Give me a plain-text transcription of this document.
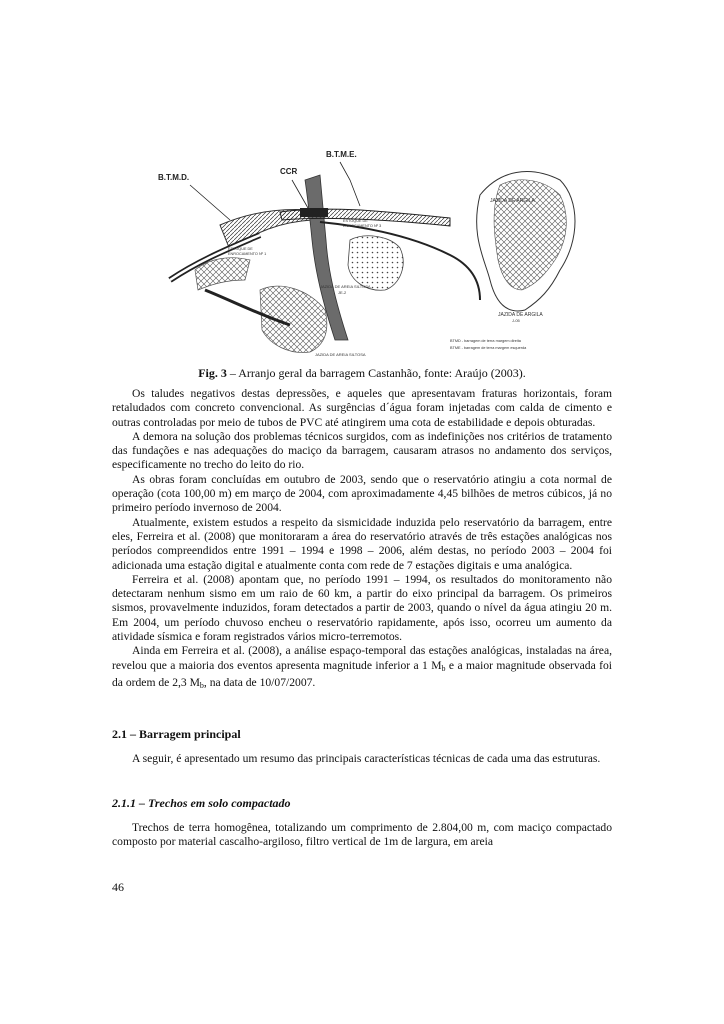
B.T.M.D.
CCR
B.T.M.E.
JAZIDA DE ARGILA
ESTOQUE DE
ENROCAMENTO Nº 3
ESTOQUE DE
ENROCAMENTO Nº 1
JAZIDA DE AREIA SILTOSA
JE-2
JAZIDA DE ARGILA
J-05
JAZIDA DE AREIA SILTOSA
BTMD - barragem de terra margem direita
BTME - barragem de terra margem esquerda
Fig. 3 – Arranjo geral da barragem Castanhão, fonte: Araújo (2003).

Os taludes negativos destas depressões, e aqueles que apresentavam fraturas horizontais, foram retaludados com concreto convencional. As surgências d´água foram injetadas com calda de cimento e outras controladas por meio de tubos de PVC até atingirem uma cota de estabilidade e depois obturadas.

A demora na solução dos problemas técnicos surgidos, com as indefinições nos critérios de tratamento das fundações e nas adequações do maciço da barragem, causaram atrasos no andamento dos serviços, especificamente no trecho do leito do rio.

As obras foram concluídas em outubro de 2003, sendo que o reservatório atingiu a cota normal de operação (cota 100,00 m) em março de 2004, com aproximadamente 4,45 bilhões de metros cúbicos, já no primeiro período invernoso de 2004.

Atualmente, existem estudos a respeito da sismicidade induzida pelo reservatório da barragem, entre eles, Ferreira et al. (2008) que monitoraram a área do reservatório através de três estações analógicas nos períodos compreendidos entre 1991 – 1994 e 1998 – 2006, além destas, no período 2003 – 2004 foi adicionada uma estação digital e atualmente conta com rede de 7 estações digitais e uma analógica.

Ferreira et al. (2008) apontam que, no período 1991 – 1994, os resultados do monitoramento não detectaram nenhum sismo em um raio de 60 km, a partir do eixo principal da barragem. Os primeiros sismos, provavelmente induzidos, foram detectados a partir de 2003, quando o nível da água atingiu 20 m. Em 2004, um período chuvoso encheu o reservatório rapidamente, após isso, ocorreu um aumento da atividade sísmica e foram registrados vários micro-terremotos.

Ainda em Ferreira et al. (2008), a análise espaço-temporal das estações analógicas, instaladas na área, revelou que a maioria dos eventos apresenta magnitude inferior a 1 $M_b$ e a maior magnitude observada foi da ordem de 2,3 $M_b$, na data de 10/07/2007.

2.1 – Barragem principal

A seguir, é apresentado um resumo das principais características técnicas de cada uma das estruturas.

2.1.1 – Trechos em solo compactado

Trechos de terra homogênea, totalizando um comprimento de 2.804,00 m, com maciço compactado composto por material cascalho-argiloso, filtro vertical de 1m de largura, em areia

46
